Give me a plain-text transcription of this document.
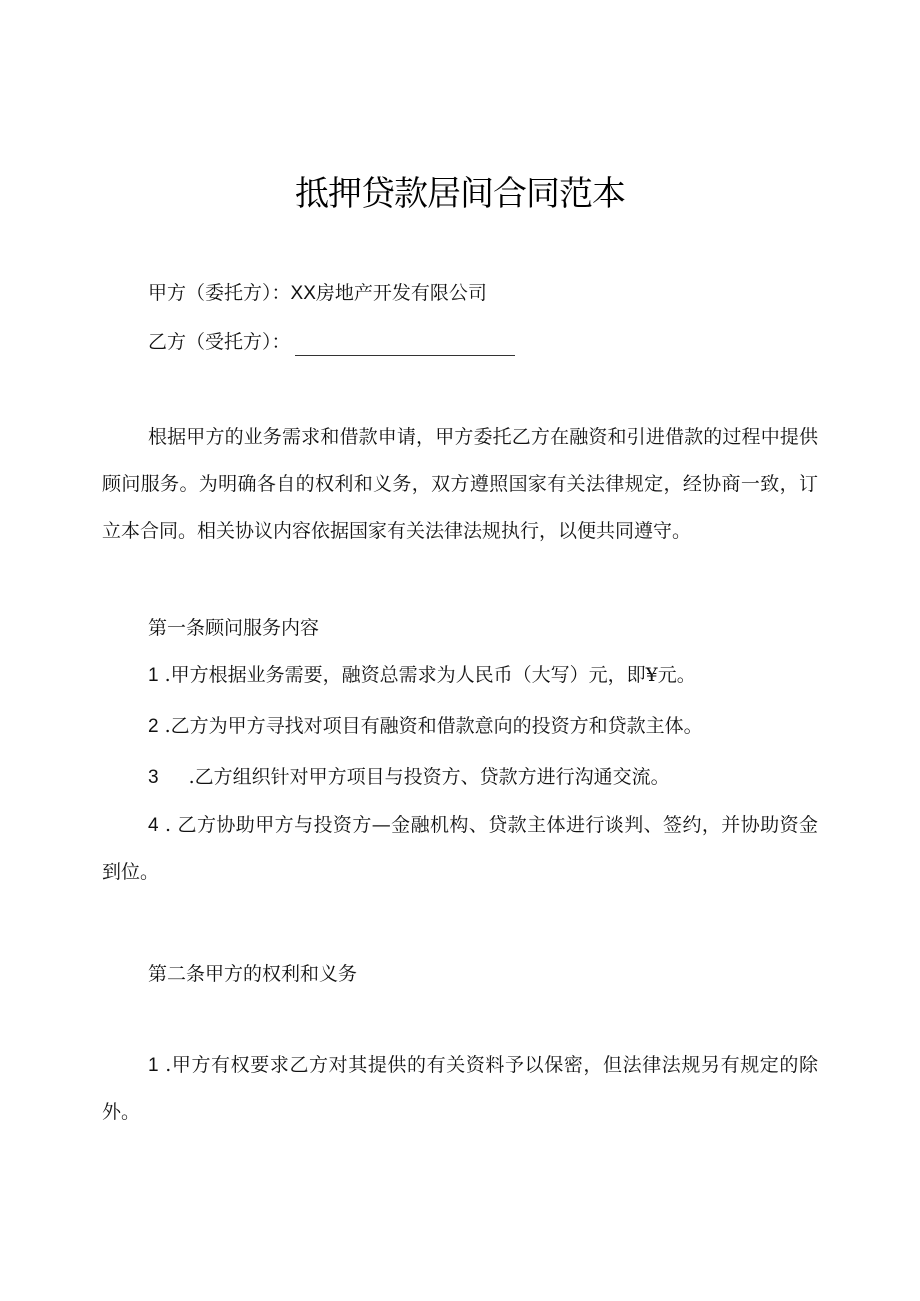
抵押贷款居间合同范本
甲方（委托方）：XX房地产开发有限公司
乙方（受托方）：
根据甲方的业务需求和借款申请，甲方委托乙方在融资和引进借款的过程中提供顾问服务。为明确各自的权利和义务，双方遵照国家有关法律规定，经协商一致，订立本合同。相关协议内容依据国家有关法律法规执行，以便共同遵守。
第一条顾问服务内容
1 .甲方根据业务需要，融资总需求为人民币（大写）元，即¥元。
2 .乙方为甲方寻找对项目有融资和借款意向的投资方和贷款主体。
3 .乙方组织针对甲方项目与投资方、贷款方进行沟通交流。
4 . 乙方协助甲方与投资方—金融机构、贷款主体进行谈判、签约，并协助资金到位。
第二条甲方的权利和义务
1 .甲方有权要求乙方对其提供的有关资料予以保密，但法律法规另有规定的除外。
